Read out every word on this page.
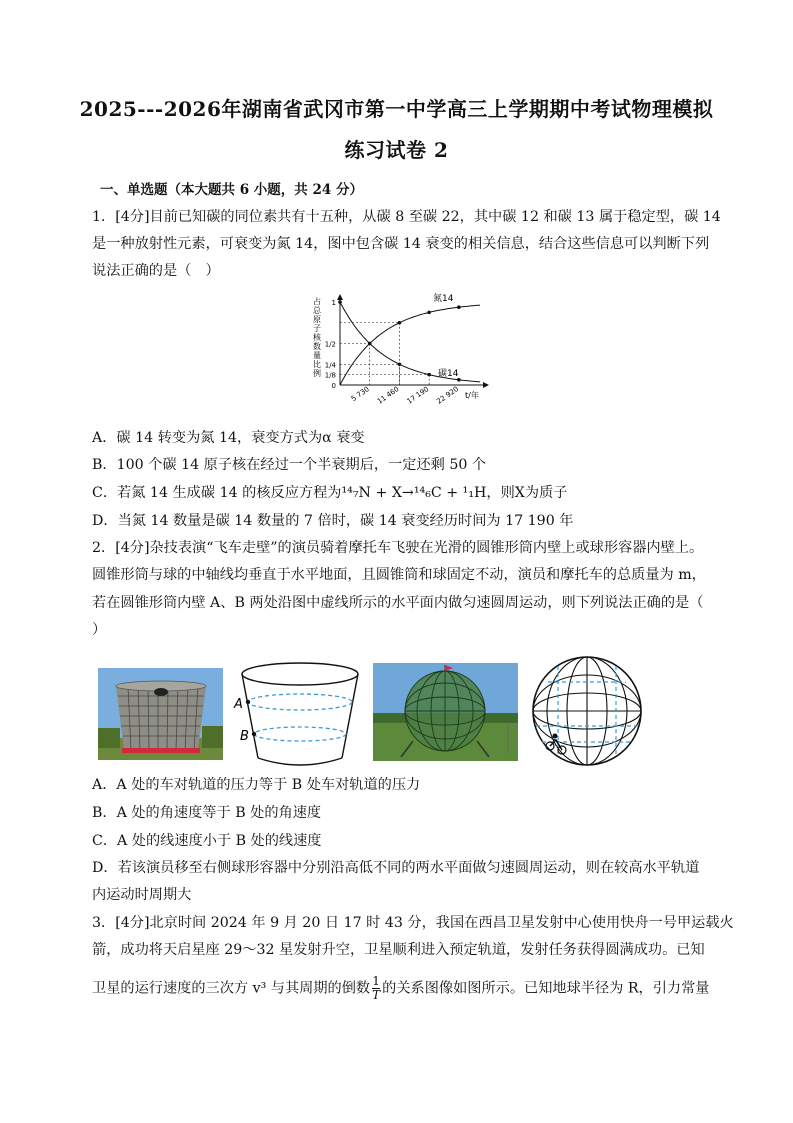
2025---2026年湖南省武冈市第一中学高三上学期期中考试物理模拟
练习试卷 2
一、单选题（本大题共 6 小题，共 24 分）
1．[4分]目前已知碳的同位素共有十五种，从碳 8 至碳 22，其中碳 12 和碳 13 属于稳定型，碳 14
是一种放射性元素，可衰变为氮 14，图中包含碳 14 衰变的相关信息，结合这些信息可以判断下列
说法正确的是（　）
占总原子核数量比例
1
1/2
1/4
1/8
0 5 730 11 460 17 190 22 920
氮14
碳14
t/年
A．碳 14 转变为氮 14，衰变方式为α 衰变
B．100 个碳 14 原子核在经过一个半衰期后，一定还剩 50 个
C．若氮 14 生成碳 14 的核反应方程为¹⁴₇N + X→¹⁴₆C + ¹₁H，则X为质子
D．当氮 14 数量是碳 14 数量的 7 倍时，碳 14 衰变经历时间为 17 190 年
2．[4分]杂技表演“飞车走壁”的演员骑着摩托车飞驶在光滑的圆锥形筒内壁上或球形容器内壁上。
圆锥形筒与球的中轴线均垂直于水平地面，且圆锥筒和球固定不动，演员和摩托车的总质量为 m，
若在圆锥形筒内壁 A、B 两处沿图中虚线所示的水平面内做匀速圆周运动，则下列说法正确的是（
）
A
B
A．A 处的车对轨道的压力等于 B 处车对轨道的压力
B．A 处的角速度等于 B 处的角速度
C．A 处的线速度小于 B 处的线速度
D．若该演员移至右侧球形容器中分别沿高低不同的两水平面做匀速圆周运动，则在较高水平轨道
内运动时周期大
3．[4分]北京时间 2024 年 9 月 20 日 17 时 43 分，我国在西昌卫星发射中心使用快舟一号甲运载火
箭，成功将天启星座 29～32 星发射升空，卫星顺利进入预定轨道，发射任务获得圆满成功。已知
卫星的运行速度的三次方 v³ 与其周期的倒数 $\frac{1}{T}$ 的关系图像如图所示。已知地球半径为 R，引力常量
